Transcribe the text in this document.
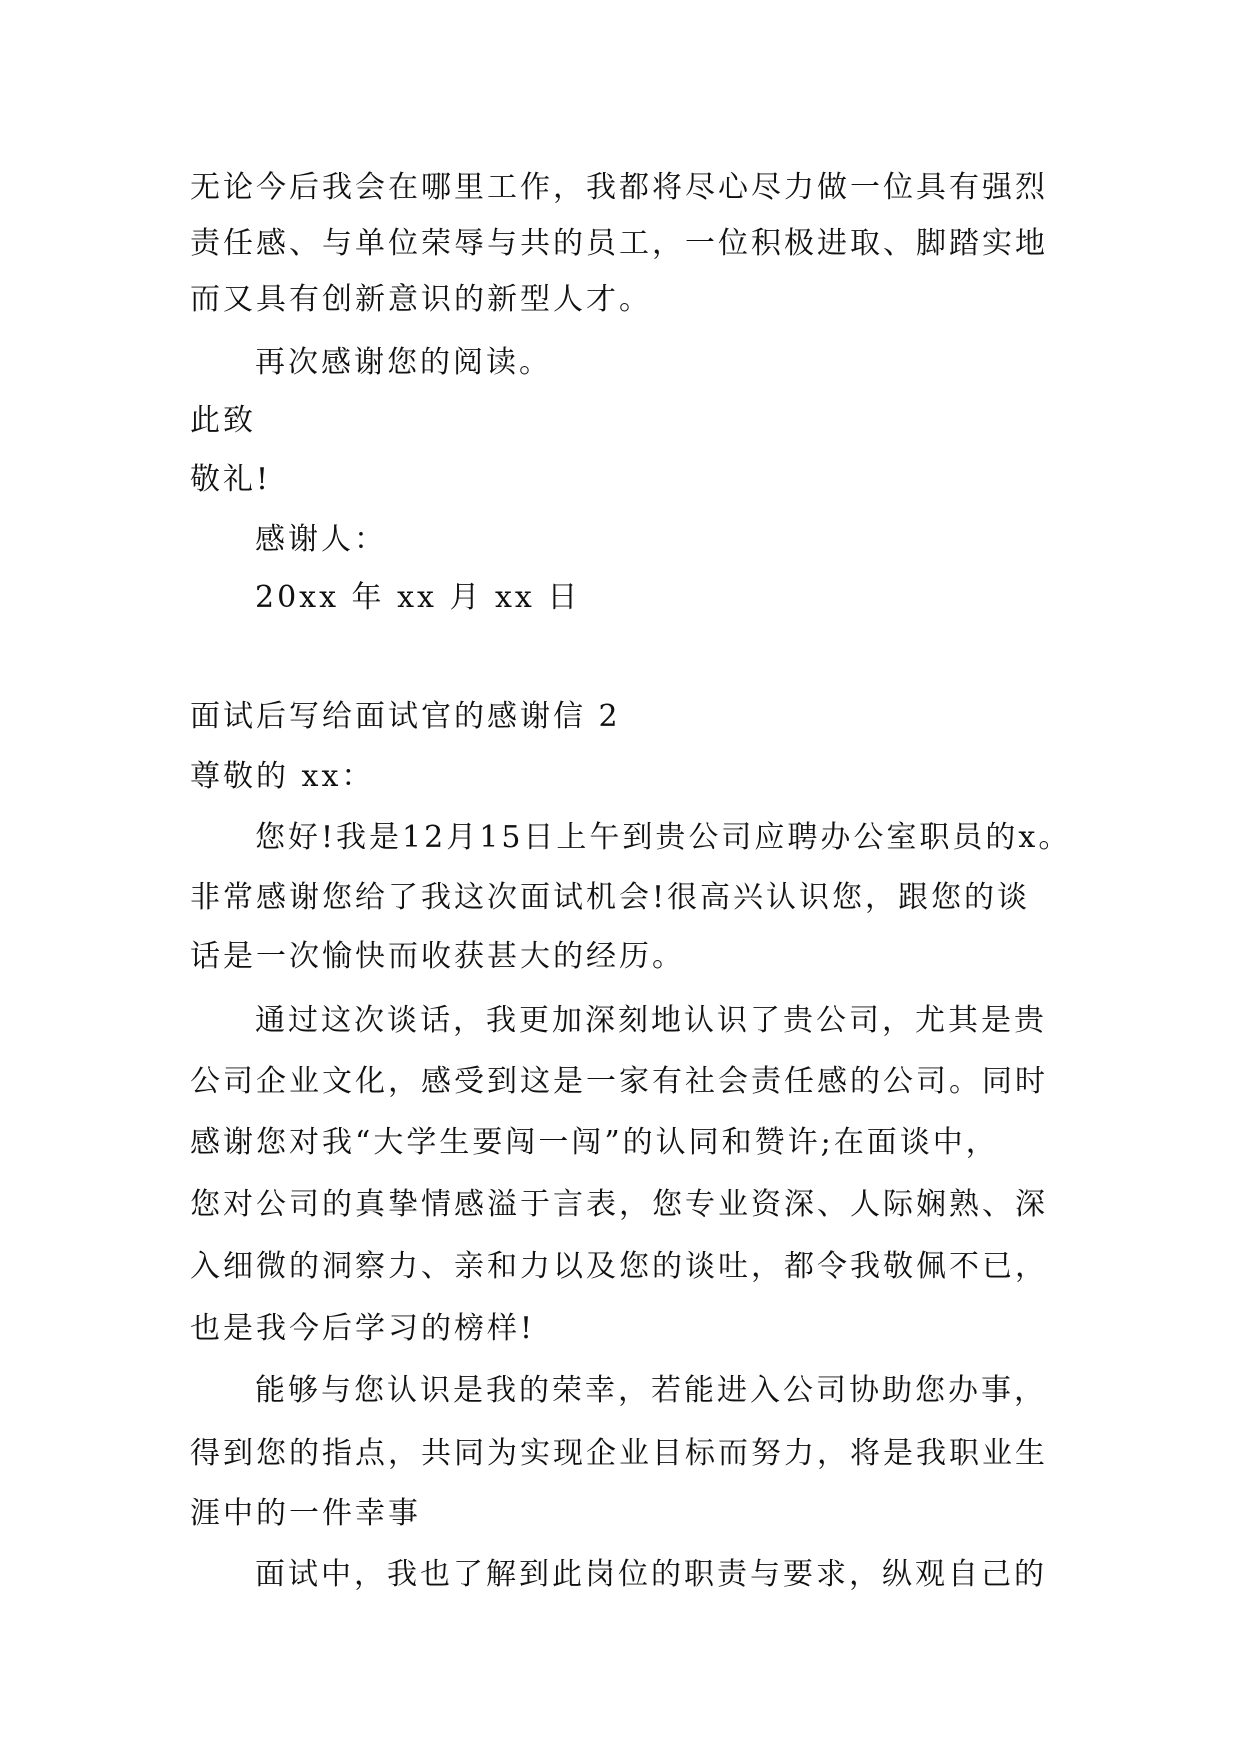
无论今后我会在哪里工作，我都将尽心尽力做一位具有强烈
责任感、与单位荣辱与共的员工，一位积极进取、脚踏实地
而又具有创新意识的新型人才。
再次感谢您的阅读。
此致
敬礼!
感谢人：
20xx 年 xx 月 xx 日
面试后写给面试官的感谢信 2
尊敬的 xx：
您好!我是12月15日上午到贵公司应聘办公室职员的x。
非常感谢您给了我这次面试机会!很高兴认识您，跟您的谈
话是一次愉快而收获甚大的经历。
通过这次谈话，我更加深刻地认识了贵公司，尤其是贵
公司企业文化，感受到这是一家有社会责任感的公司。同时
感谢您对我“大学生要闯一闯”的认同和赞许;在面谈中，
您对公司的真挚情感溢于言表，您专业资深、人际娴熟、深
入细微的洞察力、亲和力以及您的谈吐，都令我敬佩不已，
也是我今后学习的榜样!
能够与您认识是我的荣幸，若能进入公司协助您办事，
得到您的指点，共同为实现企业目标而努力，将是我职业生
涯中的一件幸事
面试中，我也了解到此岗位的职责与要求，纵观自己的
